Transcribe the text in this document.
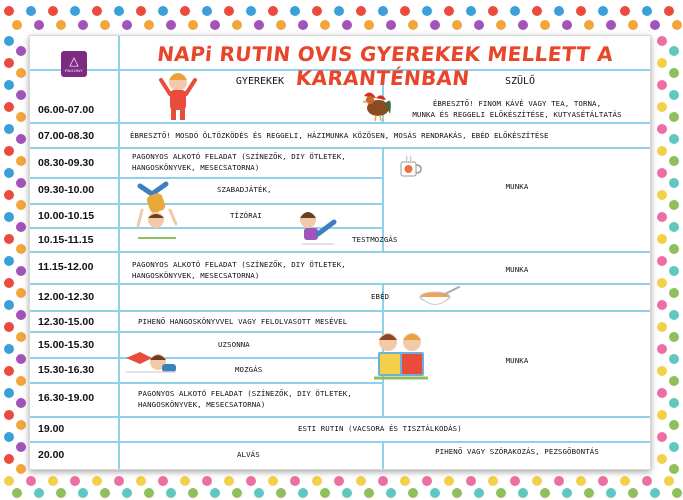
△
PAGONY
NAPi RUTIN OVIS GYEREKEK MELLETT A KARANTÉNBAN
GYEREKEK	SZÜLŐ
06.00-07.00
07.00-08.30
08.30-09.30
09.30-10.00
10.00-10.15
10.15-11.15
11.15-12.00
12.00-12.30
12.30-15.00
15.00-15.30
15.30-16.30
16.30-19.00
19.00
20.00
ÉBRESZTŐ! FINOM KÁVÉ VAGY TEA, TORNA,
MUNKA ÉS REGGELI ELŐKÉSZÍTÉSE, KUTYASÉTÁLTATÁS
ÉBRESZTŐ! MOSDÓ ÖLTÖZKÖDÉS ÉS REGGELI, HÁZIMUNKA KÖZÖSEN, MOSÁS RENDRAKÁS, EBÉD ELŐKÉSZÍTÉSE
PAGONYOS ALKOTÓ FELADAT (SZÍNEZŐK, DIY ÖTLETEK,
HANGOSKÖNYVEK, MESECSATORNA)
SZABADJÁTÉK,
TÍZÓRAI
TESTMOZGÁS
PAGONYOS ALKOTÓ FELADAT (SZÍNEZŐK, DIY ÖTLETEK,
HANGOSKÖNYVEK, MESECSATORNA)
MUNKA
EBÉD
PIHENŐ HANGOSKÖNYVVEL VAGY FELOLVASOTT MESÉVEL
UZSONNA
MOZGÁS
PAGONYOS ALKOTÓ FELADAT (SZÍNEZŐK, DIY ÖTLETEK,
HANGOSKÖNYVEK, MESECSATORNA)
ESTI RUTIN (VACSORA ÉS TISZTÁLKODÁS)
ALVÁS	PIHENŐ VAGY SZÓRAKOZÁS, PEZSGŐBONTÁS
MUNKA
MUNKA
